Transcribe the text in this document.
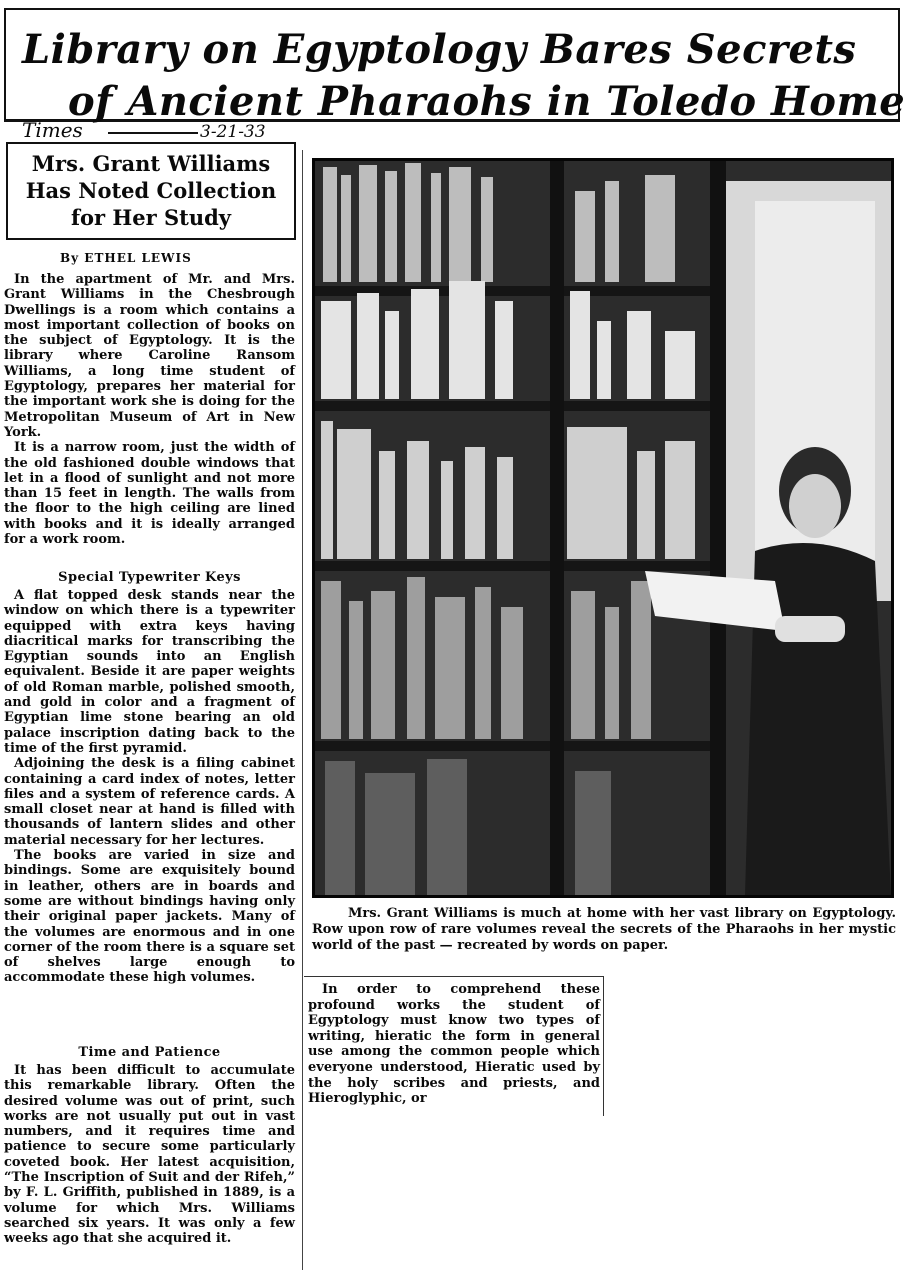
Library on Egyptology Bares Secrets
of Ancient Pharaohs in Toledo Home
Times	3-21-33
Mrs. Grant Williams
Has Noted Collection
for Her Study
By ETHEL LEWIS

In the apartment of Mr. and Mrs. Grant Williams in the Chesbrough Dwellings is a room which contains a most important collection of books on the subject of Egyptology. It is the library where Caroline Ransom Williams, a long time student of Egyptology, prepares her material for the important work she is doing for the Metropolitan Museum of Art in New York.

It is a narrow room, just the width of the old fashioned double windows that let in a flood of sunlight and not more than 15 feet in length. The walls from the floor to the high ceiling are lined with books and it is ideally arranged for a work room.

Special Typewriter Keys

A flat topped desk stands near the window on which there is a typewriter equipped with extra keys having diacritical marks for transcribing the Egyptian sounds into an English equivalent. Beside it are paper weights of old Roman marble, polished smooth, and gold in color and a fragment of Egyptian lime stone bearing an old palace inscription dating back to the time of the first pyramid.

Adjoining the desk is a filing cabinet containing a card index of notes, letter files and a system of reference cards. A small closet near at hand is filled with thousands of lantern slides and other material necessary for her lectures.

The books are varied in size and bindings. Some are exquisitely bound in leather, others are in boards and some are without bindings having only their original paper jackets. Many of the volumes are enormous and in one corner of the room there is a square set of shelves large enough to accommodate these high volumes.

Time and Patience

It has been difficult to accumulate this remarkable library. Often the desired volume was out of print, such works are not usually put out in vast numbers, and it requires time and patience to secure some particularly coveted book. Her latest acquisition, “The Inscription of Suit and der Rifeh,” by F. L. Griffith, published in 1889, is a volume for which Mrs. Williams searched six years. It was only a few weeks ago that she acquired it.

Mrs. Grant Williams is much at home with her vast library on Egyptology. Row upon row of rare volumes reveal the secrets of the Pharaohs in her mystic world of the past — recreated by words on paper.

In order to comprehend these profound works the student of Egyptology must know two types of writing, hieratic the form in general use among the common people which everyone understood, Hieratic used by the holy scribes and priests, and Hieroglyphic, or
